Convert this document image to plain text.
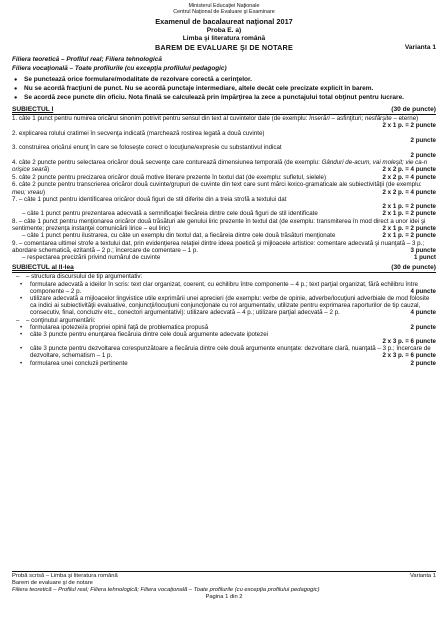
Ministerul Educaţiei Naţionale
Centrul Naţional de Evaluare şi Examinare
Examenul de bacalaureat naţional 2017
Proba E. a)
Limba şi literatura română
BAREM DE EVALUARE ŞI DE NOTARE	Varianta 1
Filiera teoretică – Profilul real; Filiera tehnologică
Filiera vocaţională – Toate profilurile (cu excepţia profilului pedagogic)
● Se punctează orice formulare/modalitate de rezolvare corectă a cerinţelor.
● Nu se acordă fracţiuni de punct. Nu se acordă punctaje intermediare, altele decât cele precizate explicit în barem.
● Se acordă zece puncte din oficiu. Nota finală se calculează prin împărţirea la zece a punctajului total obţinut pentru lucrare.
SUBIECTUL I	(30 de puncte)
1. câte 1 punct pentru numirea oricăruі sinonim potrivit pentru sensul din text al cuvintelor date (de exemplu: înserări – asfinţituri; nesfârşite – eterne)
2 x 1 p. = 2 puncte
2. explicarea rolului cratimei în secvenţa indicată (marchează rostirea legată a două cuvinte)
2 puncte
3. construirea oricărui enunţ în care se foloseşte corect o locuţiune/expresie cu substantivul indicat
2 puncte
4. câte 2 puncte pentru selectarea oricăror două secvenţe care conturează dimensiunea temporală (de exemplu: Gânduri de-acum, vai moleşit; vie ca-n orişice seară)	2 x 2 p. = 4 puncte
5. câte 2 puncte pentru precizarea oricăror două motive literare prezente în textul dat (de exemplu: sufletul, sielele)	2 x 2 p. = 4 puncte
6. câte 2 puncte pentru transcrierea oricăror două cuvinte/grupuri de cuvinte din text care sunt mărci lexico-gramaticale ale subiectivităţii (de exemplu: meu; vreau)	2 x 2 p. = 4 puncte
7. – câte 1 punct pentru identificarea oricăror două figuri de stil diferite din a treia strofă a textului dat
2 x 1 p. = 2 puncte
– câte 1 punct pentru prezentarea adecvată a semnificaţiei fiecăreia dintre cele două figuri de stil identificate	2 x 1 p. = 2 puncte
8. – câte 1 punct pentru menţionarea oricăror două trăsături ale genului liric prezente în textul dat (de exemplu: transmiterea în mod direct a unor idei şi sentimente; prezenţa instanţei comunicării lirice – eul liric)	2 x 1 p. = 2 puncte
– câte 1 punct pentru ilustrarea, cu câte un exemplu din textul dat, a fiecăreia dintre cele două trăsături menţionate	2 x 1 p. = 2 puncte
9. – comentarea ultimei strofe a textului dat, prin evidenţierea relaţiei dintre ideea poetică şi mijloacele artistice: comentare adecvată şi nuanţată – 3 p.; abordare schematică, ezitantă – 2 p.; încercare de comentare – 1 p.	3 puncte
– respectarea precizării privind numărul de cuvinte	1 punct
SUBIECTUL al II-lea	(30 de puncte)
– – structura discursului de tip argumentativ:
• formulare adecvată a ideilor în scris: text clar organizat, coerent, cu echilibru între componente – 4 p.; text parţial organizat, fără echilibru între componente – 2 p.	4 puncte
• utilizare adecvată a mijloacelor lingvistice utile exprimării unei aprecieri (de exemplu: verbe de opinie, adverbe/locuţiuni adverbiale de mod folosite ca indici ai subiectivităţii evaluative, conjuncţii/locuţiuni conjuncţionale cu rol argumentativ, utilizate pentru exprimarea raporturilor de tip cauzal, consecutiv, final, concluziv etc., conectori argumentativi): utilizare adecvată – 4 p.; utilizare parţial adecvată – 2 p.	4 puncte
– – conţinutul argumentării:
• formularea ipotezei/a propriei opinii faţă de problematica propusă	2 puncte
• câte 3 puncte pentru enunţarea fiecăruia dintre cele două argumente adecvate ipotezei
2 x 3 p. = 6 puncte
• câte 3 puncte pentru dezvoltarea corespunzătoare a fiecăruia dintre cele două argumente enunţate: dezvoltare clară, nuanţată – 3 p.; încercare de dezvoltare, schematism – 1 p.	2 x 3 p. = 6 puncte
• formularea unei concluzii pertinente	2 puncte
Probă scrisă – Limba şi literatura română	Varianta 1
Barem de evaluare şi de notare
Filiera teoretică – Profilul real; Filiera tehnologică; Filiera vocaţională – Toate profilurile (cu excepţia profilului pedagogic)
Pagina 1 din 2
